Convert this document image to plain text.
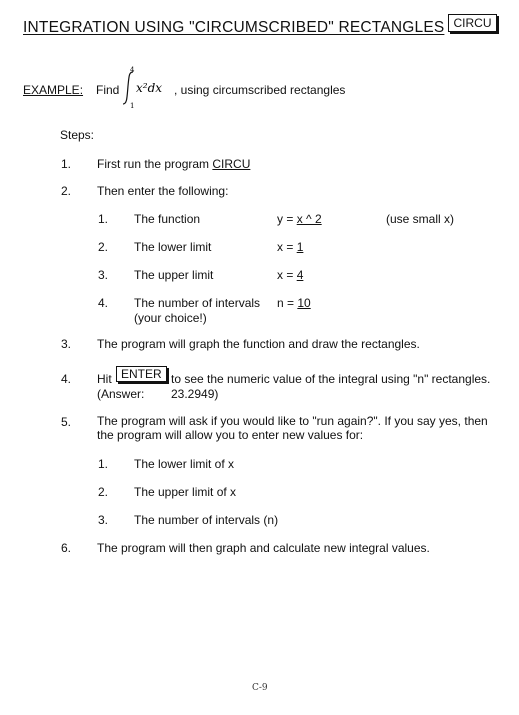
INTEGRATION USING "CIRCUMSCRIBED" RECTANGLES CIRCU
EXAMPLE: Find
4
1
x²dx , using circumscribed rectangles
Steps:
1. First run the program CIRCU
2. Then enter the following:
1. The function	y = x ^ 2	(use small x)
2. The lower limit	x = 1
3. The upper limit	x = 4
4. The number of intervals n = 10
(your choice!)
3. The program will graph the function and draw the rectangles.
4. Hit ENTER to see the numeric value of the integral using "n" rectangles.
(Answer: 23.2949)
5. The program will ask if you would like to "run again?". If you say yes, then
the program will allow you to enter new values for:
1. The lower limit of x
2. The upper limit of x
3. The number of intervals (n)
6. The program will then graph and calculate new integral values.
C-9
